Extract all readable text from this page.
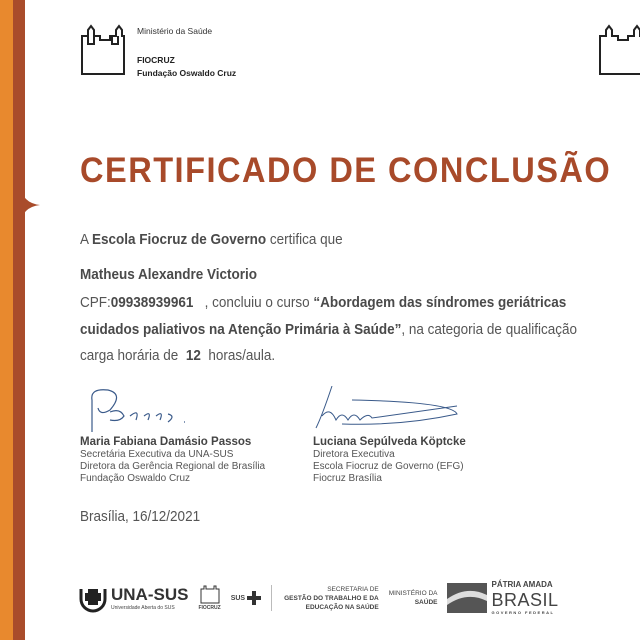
Ministério da Saúde
FIOCRUZ
Fundação Oswaldo Cruz
CERTIFICADO DE CONCLUSÃO
A Escola Fiocruz de Governo certifica que
Matheus Alexandre Victorio
CPF:09938939961 , concluiu o curso “Abordagem das síndromes geriátricas
cuidados paliativos na Atenção Primária à Saúde”, na categoria de qualificação
carga horária de 12 horas/aula.
Maria Fabiana Damásio Passos
Secretária Executiva da UNA-SUS
Diretora da Gerência Regional de Brasília
Fundação Oswaldo Cruz
Luciana Sepúlveda Köptcke
Diretora Executiva
Escola Fiocruz de Governo (EFG)
Fiocruz Brasília
Brasília, 16/12/2021
UNA-SUS
Universidade Aberta do SUS	FIOCRUZ
SUS
SECRETARIA DE
GESTÃO DO TRABALHO E DA
EDUCAÇÃO NA SAÚDE
MINISTÉRIO DA
SAÚDE
PÁTRIA AMADA
BRASIL
GOVERNO FEDERAL
